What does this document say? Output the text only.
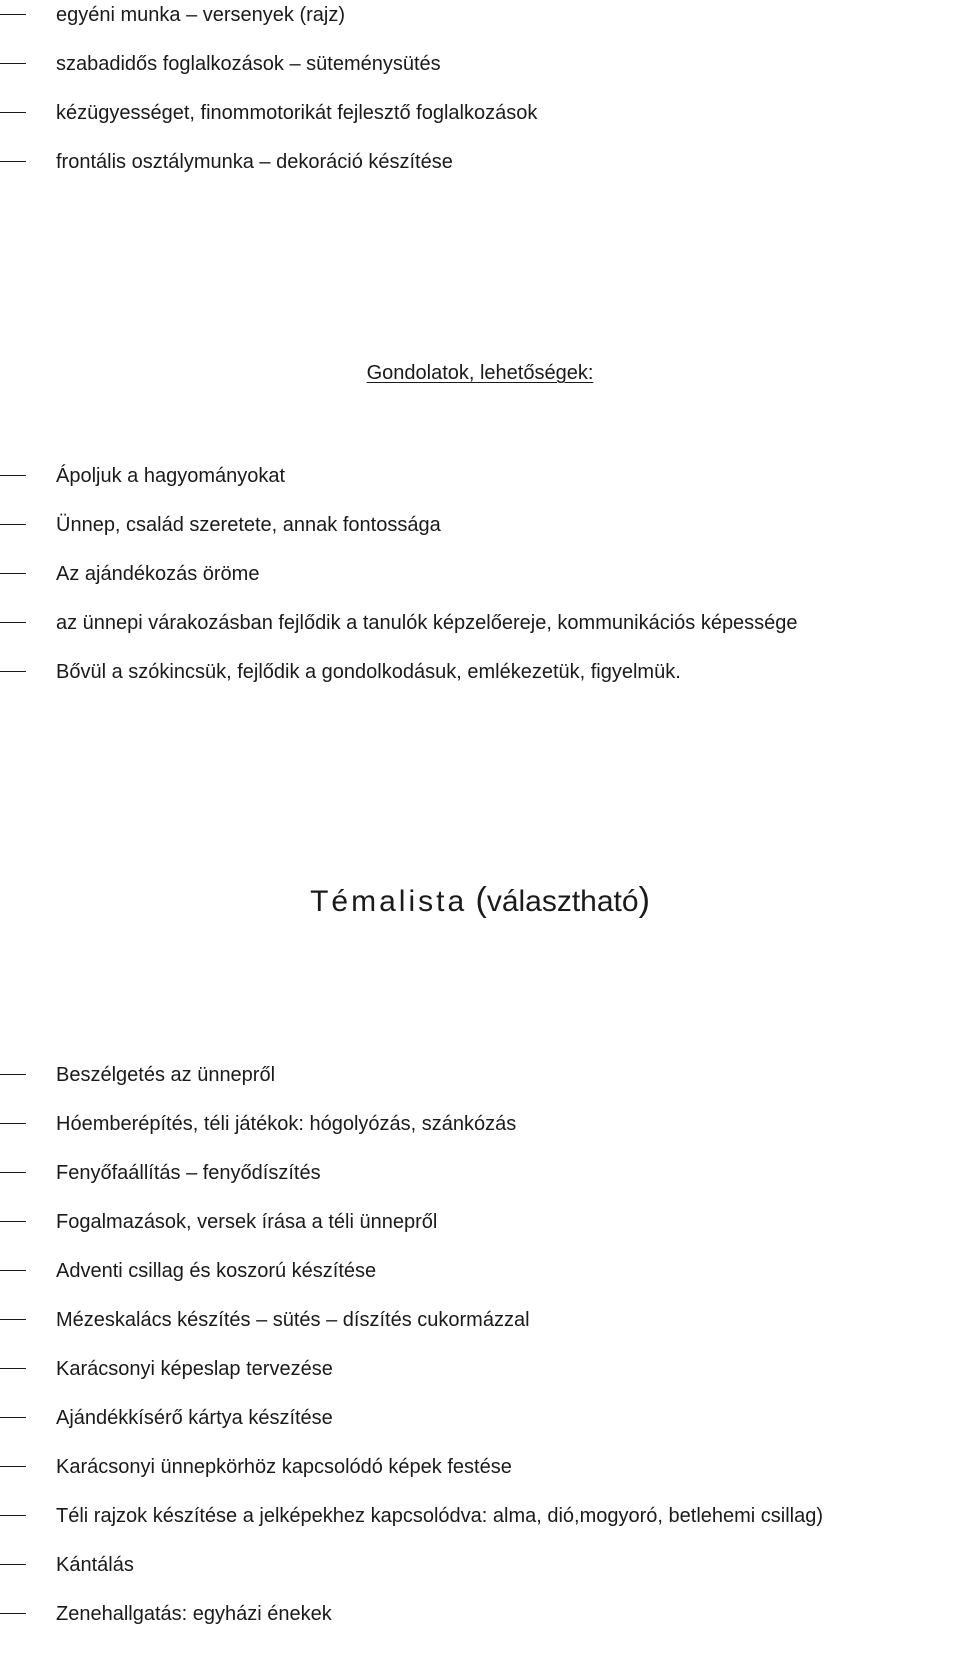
egyéni munka – versenyek (rajz)
szabadidős foglalkozások – süteménysütés
kézügyességet, finommotorikát fejlesztő foglalkozások
frontális osztálymunka – dekoráció készítése
Gondolatok, lehetőségek:
Ápoljuk a hagyományokat
Ünnep, család szeretete, annak fontossága
Az ajándékozás öröme
az ünnepi várakozásban fejlődik a tanulók képzelőereje, kommunikációs képessége
Bővül a szókincsük, fejlődik a gondolkodásuk, emlékezetük, figyelmük.
Témalista (választható)
Beszélgetés az ünnepről
Hóemberépítés, téli játékok: hógolyózás, szánkózás
Fenyőfaállítás – fenyődíszítés
Fogalmazások, versek írása a téli ünnepről
Adventi csillag és koszorú készítése
Mézeskalács készítés – sütés – díszítés cukormázzal
Karácsonyi képeslap tervezése
Ajándékkísérő kártya készítése
Karácsonyi ünnepkörhöz kapcsolódó képek festése
Téli rajzok készítése a jelképekhez kapcsolódva: alma, dió,mogyoró, betlehemi csillag)
Kántálás
Zenehallgatás: egyházi énekek
